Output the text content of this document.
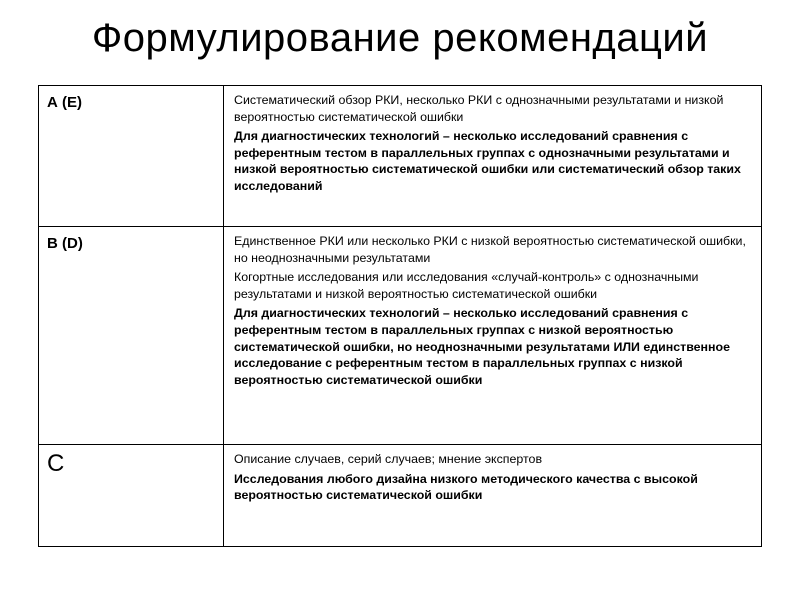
Формулирование рекомендаций
А (Е)	Систематический обзор РКИ, несколько РКИ с однозначными результатами и низкой вероятностью систематической ошибки
Для диагностических технологий – несколько исследований сравнения с референтным тестом в параллельных группах с однозначными результатами и низкой вероятностью систематической ошибки или систематический обзор таких исследований

В (D)	Единственное РКИ или несколько РКИ с низкой вероятностью систематической ошибки, но неоднозначными результатами
Когортные исследования или исследования «случай-контроль» с однозначными результатами и низкой вероятностью систематической ошибки
Для диагностических технологий – несколько исследований сравнения с референтным тестом в параллельных группах с низкой вероятностью систематической ошибки, но неоднозначными результатами ИЛИ единственное исследование с референтным тестом в параллельных группах с низкой вероятностью систематической ошибки

С	Описание случаев, серий случаев; мнение экспертов
Исследования любого дизайна низкого методического качества с высокой вероятностью систематической ошибки
